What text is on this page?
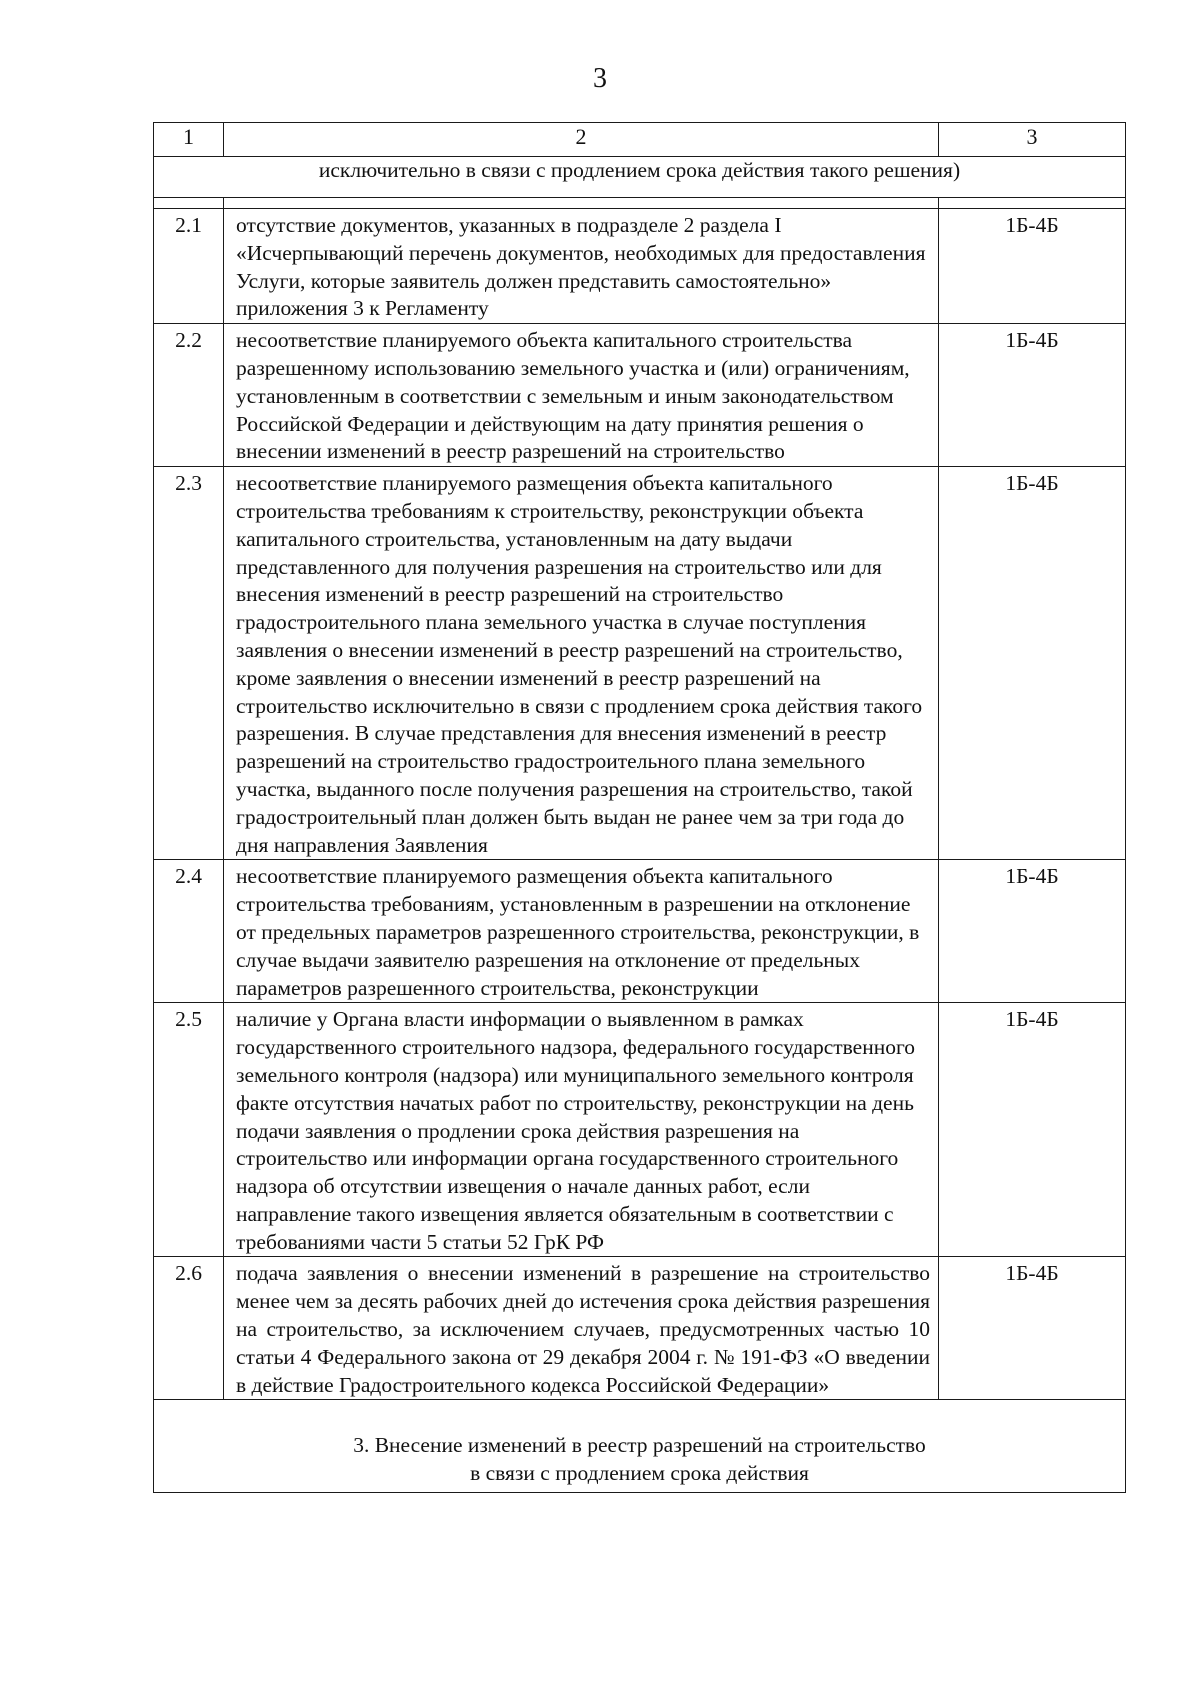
3
1	2	3
исключительно в связи с продлением срока действия такого решения)		

2.1	отсутствие документов, указанных в подразделе 2 раздела I «Исчерпывающий перечень документов, необходимых для предоставления Услуги, которые заявитель должен представить самостоятельно» приложения 3 к Регламенту	1Б-4Б
2.2	несоответствие планируемого объекта капитального строительства разрешенному использованию земельного участка и (или) ограничениям, установленным в соответствии с земельным и иным законодательством Российской Федерации и действующим на дату принятия решения о внесении изменений в реестр разрешений на строительство	1Б-4Б
2.3	несоответствие планируемого размещения объекта капитального строительства требованиям к строительству, реконструкции объекта капитального строительства, установленным на дату выдачи представленного для получения разрешения на строительство или для внесения изменений в реестр разрешений на строительство градостроительного плана земельного участка в случае поступления заявления о внесении изменений в реестр разрешений на строительство, кроме заявления о внесении изменений в реестр разрешений на строительство исключительно в связи с продлением срока действия такого разрешения. В случае представления для внесения изменений в реестр разрешений на строительство градостроительного плана земельного участка, выданного после получения разрешения на строительство, такой градостроительный план должен быть выдан не ранее чем за три года до дня направления Заявления	1Б-4Б
2.4	несоответствие планируемого размещения объекта капитального строительства требованиям, установленным в разрешении на отклонение от предельных параметров разрешенного строительства, реконструкции, в случае выдачи заявителю разрешения на отклонение от предельных параметров разрешенного строительства, реконструкции	1Б-4Б
2.5	наличие у Органа власти информации о выявленном в рамках государственного строительного надзора, федерального государственного земельного контроля (надзора) или муниципального земельного контроля факте отсутствия начатых работ по строительству, реконструкции на день подачи заявления о продлении срока действия разрешения на строительство или информации органа государственного строительного надзора об отсутствии извещения о начале данных работ, если направление такого извещения является обязательным в соответствии с требованиями части 5 статьи 52 ГрК РФ	1Б-4Б
2.6	подача заявления о внесении изменений в разрешение на строительство менее чем за десять рабочих дней до истечения срока действия разрешения на строительство, за исключением случаев, предусмотренных частью 10 статьи 4 Федерального закона от 29 декабря 2004 г. № 191-ФЗ «О введении в действие Градостроительного кодекса Российской Федерации»	1Б-4Б

3. Внесение изменений в реестр разрешений на строительство
в связи с продлением срока действия		
